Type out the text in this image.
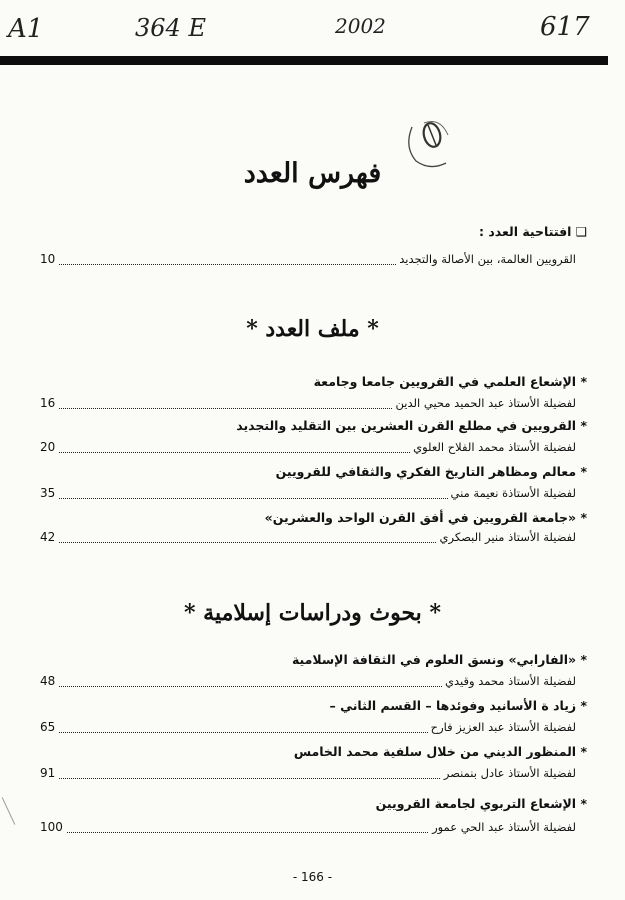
A1	364 E	2002	617
فهرس العدد
❑ افتتاحية العدد :
10	القرويين العالمة، بين الأصالة والتجديد
* ملف العدد *
* الإشعاع العلمي في القرويين جامعا وجامعة
16	لفضيلة الأستاذ عبد الحميد محيي الدين
* القرويين في مطلع القرن العشرين بين التقليد والتجديد
20	لفضيلة الأستاذ محمد الفلاح العلوي
* معالم ومظاهر التاريخ الفكري والثقافي للقرويين
35	لفضيلة الأستاذة نعيمة مني
* «جامعة القرويين في أفق القرن الواحد والعشرين»
42	لفضيلة الأستاذ منير البصكري
* بحوث ودراسات إسلامية *
* «الفارابي» ونسق العلوم في الثقافة الإسلامية
48	لفضيلة الأستاذ محمد وقيدي
* زياد ة الأسانيد وفوئدها – القسم الثاني –
65	لفضيلة الأستاذ عبد العزيز فارح
* المنظور الديني من خلال سلفية محمد الخامس
91	لفضيلة الأستاذ عادل بنمنصر
* الإشعاع التربوي لجامعة القرويين
100	لفضيلة الأستاذ عبد الحي عمور
- 166 -
